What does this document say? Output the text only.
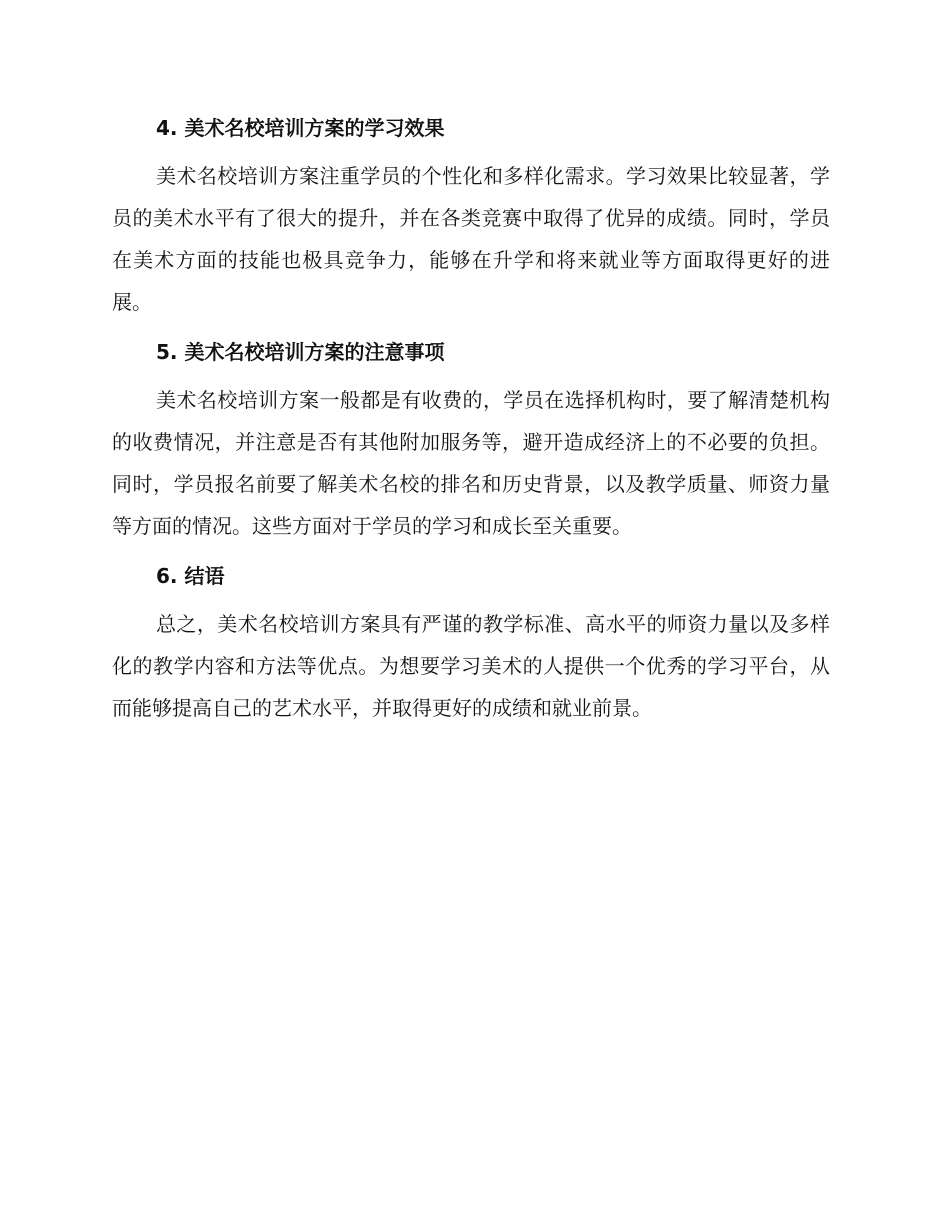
4. 美术名校培训方案的学习效果

美术名校培训方案注重学员的个性化和多样化需求。学习效果比较显著，学员的美术水平有了很大的提升，并在各类竞赛中取得了优异的成绩。同时，学员在美术方面的技能也极具竞争力，能够在升学和将来就业等方面取得更好的进展。

5. 美术名校培训方案的注意事项

美术名校培训方案一般都是有收费的，学员在选择机构时，要了解清楚机构的收费情况，并注意是否有其他附加服务等，避开造成经济上的不必要的负担。同时，学员报名前要了解美术名校的排名和历史背景，以及教学质量、师资力量等方面的情况。这些方面对于学员的学习和成长至关重要。

6. 结语

总之，美术名校培训方案具有严谨的教学标准、高水平的师资力量以及多样化的教学内容和方法等优点。为想要学习美术的人提供一个优秀的学习平台，从而能够提高自己的艺术水平，并取得更好的成绩和就业前景。
